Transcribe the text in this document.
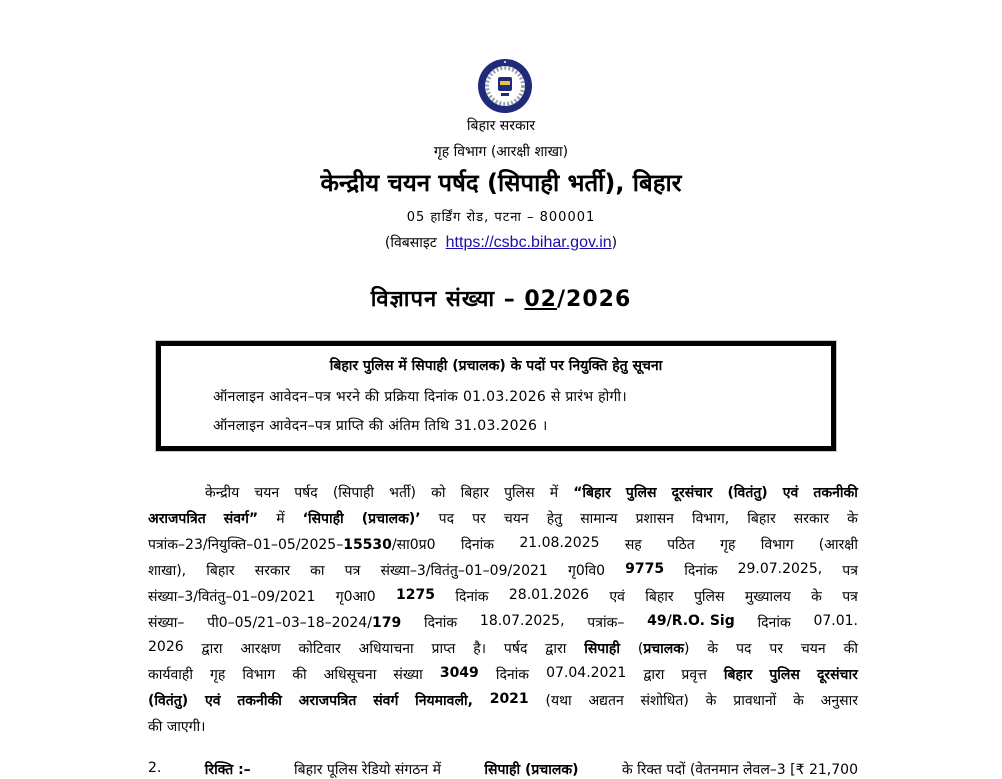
बिहार सरकार
गृह विभाग (आरक्षी शाखा)
केन्द्रीय चयन पर्षद (सिपाही भर्ती), बिहार
05 हार्डिंग रोड, पटना – 800001
(विबसाइट https://csbc.bihar.gov.in)
विज्ञापन संख्या – 02/2026
बिहार पुलिस में सिपाही (प्रचालक) के पदों पर नियुक्ति हेतु सूचना
ऑनलाइन आवेदन–पत्र भरने की प्रक्रिया दिनांक 01.03.2026 से प्रारंभ होगी।
ऑनलाइन आवेदन–पत्र प्राप्ति की अंतिम तिथि 31.03.2026 ।
केन्द्रीय चयन पर्षद (सिपाही भर्ती) को बिहार पुलिस में “बिहार पुलिस दूरसंचार (वितंतु) एवं तकनीकी
अराजपत्रित संवर्ग” में ‘सिपाही (प्रचालक)’ पद पर चयन हेतु सामान्य प्रशासन विभाग, बिहार सरकार के
पत्रांक–23/नियुक्ति–01–05/2025–15530/सा0प्र0 दिनांक 21.08.2025 सह पठित गृह विभाग (आरक्षी
शाखा), बिहार सरकार का पत्र संख्या–3/वितंतु–01–09/2021 गृ0वि0 9775 दिनांक 29.07.2025, पत्र
संख्या–3/वितंतु–01–09/2021 गृ0आ0 1275 दिनांक 28.01.2026 एवं बिहार पुलिस मुख्यालय के पत्र
संख्या– पी0–05/21–03–18–2024/179 दिनांक 18.07.2025, पत्रांक– 49/R.O. Sig दिनांक 07.01.
2026 द्वारा आरक्षण कोटिवार अधियाचना प्राप्त है। पर्षद द्वारा सिपाही (प्रचालक) के पद पर चयन की
कार्यवाही गृह विभाग की अधिसूचना संख्या 3049 दिनांक 07.04.2021 द्वारा प्रवृत्त बिहार पुलिस दूरसंचार
(वितंतु) एवं तकनीकी अराजपत्रित संवर्ग नियमावली, 2021 (यथा अद्यतन संशोधित) के प्रावधानों के अनुसार
की जाएगी।
2.	रिक्ति :–	बिहार पूलिस रेडियो संगठन में	सिपाही (प्रचालक)	के रिक्त पदों (वेतनमान लेवल–3 [₹ 21,700
